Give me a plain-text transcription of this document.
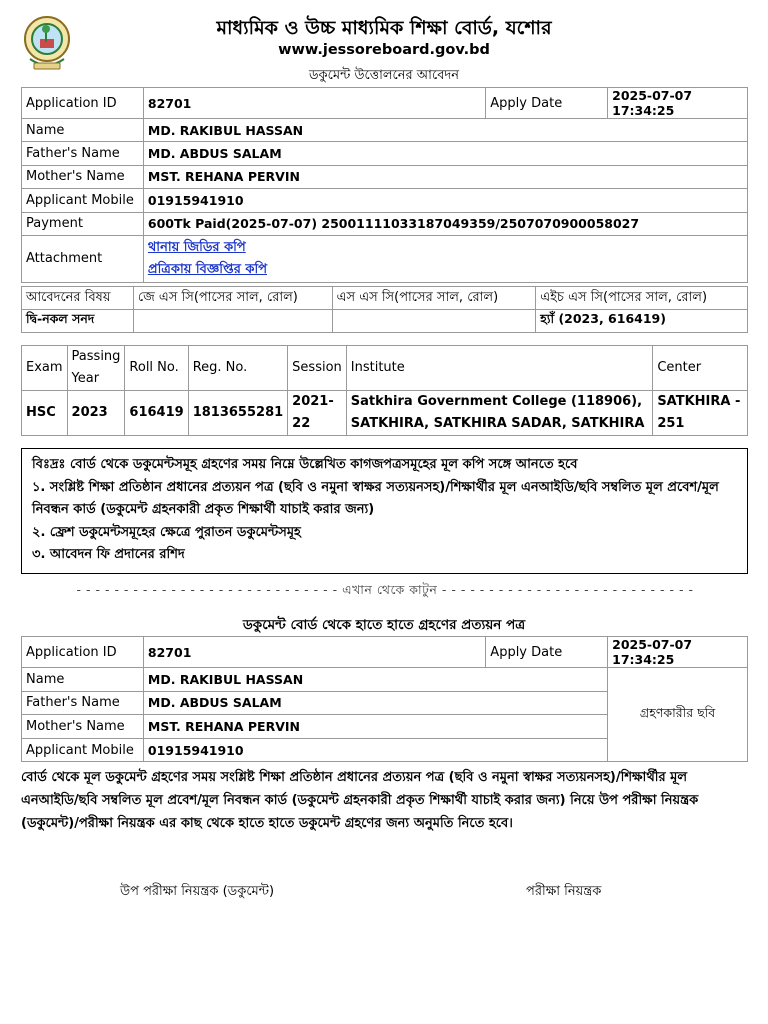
মাধ্যমিক ও উচ্চ মাধ্যমিক শিক্ষা বোর্ড, যশোর
www.jessoreboard.gov.bd
ডকুমেন্ট উত্তোলনের আবেদন
Application ID	82701	Apply Date	2025-07-07 17:34:25
Name	MD. RAKIBUL HASSAN		
Father's Name	MD. ABDUS SALAM		
Mother's Name	MST. REHANA PERVIN		
Applicant Mobile	01915941910		
Payment	600Tk Paid(2025-07-07) 25001111033187049359/2507070900058027		
Attachment	থানায় জিডির কপি
প্রত্রিকায় বিজ্ঞপ্তির কপি		
আবেদনের বিষয়	জে এস সি(পাসের সাল, রোল)	এস এস সি(পাসের সাল, রোল)	এইচ এস সি(পাসের সাল, রোল)
দ্বি-নকল সনদ			হ্যাঁ (2023, 616419)
Exam	Passing Year	Roll No.	Reg. No.	Session	Institute	Center
HSC	2023	616419	1813655281	2021-22	Satkhira Government College (118906), SATKHIRA, SATKHIRA SADAR, SATKHIRA	SATKHIRA - 251
বিঃদ্রঃ বোর্ড থেকে ডকুমেন্টসমূহ গ্রহণের সময় নিম্নে উল্লেখিত কাগজপত্রসমূহের মূল কপি সঙ্গে আনতে হবে
১. সংশ্লিষ্ট শিক্ষা প্রতিষ্ঠান প্রধানের প্রত্যয়ন পত্র (ছবি ও নমুনা স্বাক্ষর সত্যয়নসহ)/শিক্ষার্থীর মূল এনআইডি/ছবি সম্বলিত মূল প্রবেশ/মূল নিবন্ধন কার্ড (ডকুমেন্ট গ্রহনকারী প্রকৃত শিক্ষার্থী যাচাই করার জন্য)
২. ফ্রেশ ডকুমেন্টসমূহের ক্ষেত্রে পুরাতন ডকুমেন্টসমূহ
৩. আবেদন ফি প্রদানের রশিদ
- - - - - - - - - - - - - - - - - - - - - - - - - - - - এখান থেকে কাটুন - - - - - - - - - - - - - - - - - - - - - - - - - - -
ডকুমেন্ট বোর্ড থেকে হাতে হাতে গ্রহণের প্রত্যয়ন পত্র
Application ID	82701	Apply Date	2025-07-07 17:34:25
Name	MD. RAKIBUL HASSAN		গ্রহণকারীর ছবি
Father's Name	MD. ABDUS SALAM		
Mother's Name	MST. REHANA PERVIN		
Applicant Mobile	01915941910		
বোর্ড থেকে মূল ডকুমেন্ট গ্রহণের সময় সংশ্লিষ্ট শিক্ষা প্রতিষ্ঠান প্রধানের প্রত্যয়ন পত্র (ছবি ও নমুনা স্বাক্ষর সত্যয়নসহ)/শিক্ষার্থীর মূল এনআইডি/ছবি সম্বলিত মূল প্রবেশ/মূল নিবন্ধন কার্ড (ডকুমেন্ট গ্রহনকারী প্রকৃত শিক্ষার্থী যাচাই করার জন্য) নিয়ে উপ পরীক্ষা নিয়ন্ত্রক (ডকুমেন্ট)/পরীক্ষা নিয়ন্ত্রক এর কাছ থেকে হাতে হাতে ডকুমেন্ট গ্রহণের জন্য অনুমতি নিতে হবে।
উপ পরীক্ষা নিয়ন্ত্রক (ডকুমেন্ট)	পরীক্ষা নিয়ন্ত্রক
